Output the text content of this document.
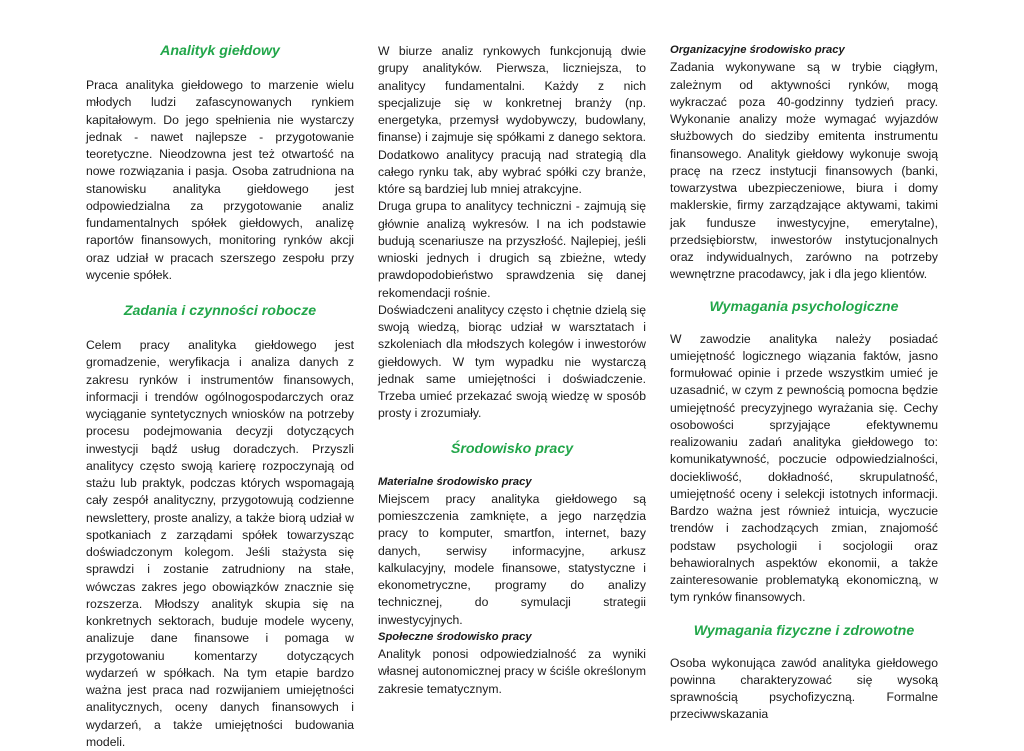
Analityk giełdowy

Praca analityka giełdowego to marzenie wielu młodych ludzi zafascynowanych rynkiem kapitałowym. Do jego spełnienia nie wystarczy jednak - nawet najlepsze - przygotowanie teoretyczne. Nieodzowna jest też otwartość na nowe rozwiązania i pasja. Osoba zatrudniona na stanowisku analityka giełdowego jest odpowiedzialna za przygotowanie analiz fundamentalnych spółek giełdowych, analizę raportów finansowych, monitoring rynków akcji oraz udział w pracach szerszego zespołu przy wycenie spółek.

Zadania i czynności robocze

Celem pracy analityka giełdowego jest gromadzenie, weryfikacja i analiza danych z zakresu rynków i instrumentów finansowych, informacji i trendów ogólnogospodarczych oraz wyciąganie syntetycznych wniosków na potrzeby procesu podejmowania decyzji dotyczących inwestycji bądź usług doradczych. Przyszli analitycy często swoją karierę rozpoczynają od stażu lub praktyk, podczas których wspomagają cały zespół analityczny, przygotowują codzienne newslettery, proste analizy, a także biorą udział w spotkaniach z zarządami spółek towarzysząc doświadczonym kolegom. Jeśli stażysta się sprawdzi i zostanie zatrudniony na stałe, wówczas zakres jego obowiązków znacznie się rozszerza. Młodszy analityk skupia się na konkretnych sektorach, buduje modele wyceny, analizuje dane finansowe i pomaga w przygotowaniu komentarzy dotyczących wydarzeń w spółkach. Na tym etapie bardzo ważna jest praca nad rozwijaniem umiejętności analitycznych, oceny danych finansowych i wydarzeń, a także umiejętności budowania modeli.

W biurze analiz rynkowych funkcjonują dwie grupy analityków. Pierwsza, liczniejsza, to analitycy fundamentalni. Każdy z nich specjalizuje się w konkretnej branży (np. energetyka, przemysł wydobywczy, budowlany, finanse) i zajmuje się spółkami z danego sektora. Dodatkowo analitycy pracują nad strategią dla całego rynku tak, aby wybrać spółki czy branże, które są bardziej lub mniej atrakcyjne.

Druga grupa to analitycy techniczni - zajmują się głównie analizą wykresów. I na ich podstawie budują scenariusze na przyszłość. Najlepiej, jeśli wnioski jednych i drugich są zbieżne, wtedy prawdopodobieństwo sprawdzenia się danej rekomendacji rośnie.

Doświadczeni analitycy często i chętnie dzielą się swoją wiedzą, biorąc udział w warsztatach i szkoleniach dla młodszych kolegów i inwestorów giełdowych. W tym wypadku nie wystarczą jednak same umiejętności i doświadczenie. Trzeba umieć przekazać swoją wiedzę w sposób prosty i zrozumiały.

Środowisko pracy
Materialne środowisko pracy

Miejscem pracy analityka giełdowego są pomieszczenia zamknięte, a jego narzędzia pracy to komputer, smartfon, internet, bazy danych, serwisy informacyjne, arkusz kalkulacyjny, modele finansowe, statystyczne i ekonometryczne, programy do analizy technicznej, do symulacji strategii inwestycyjnych.

Społeczne środowisko pracy

Analityk ponosi odpowiedzialność za wyniki własnej autonomicznej pracy w ściśle określonym zakresie tematycznym.

Organizacyjne środowisko pracy

Zadania wykonywane są w trybie ciągłym, zależnym od aktywności rynków, mogą wykraczać poza 40-godzinny tydzień pracy. Wykonanie analizy może wymagać wyjazdów służbowych do siedziby emitenta instrumentu finansowego. Analityk giełdowy wykonuje swoją pracę na rzecz instytucji finansowych (banki, towarzystwa ubezpieczeniowe, biura i domy maklerskie, firmy zarządzające aktywami, takimi jak fundusze inwestycyjne, emerytalne), przedsiębiorstw, inwestorów instytucjonalnych oraz indywidualnych, zarówno na potrzeby wewnętrzne pracodawcy, jak i dla jego klientów.

Wymagania psychologiczne

W zawodzie analityka należy posiadać umiejętność logicznego wiązania faktów, jasno formułować opinie i przede wszystkim umieć je uzasadnić, w czym z pewnością pomocna będzie umiejętność precyzyjnego wyrażania się. Cechy osobowości sprzyjające efektywnemu realizowaniu zadań analityka giełdowego to: komunikatywność, poczucie odpowiedzialności, dociekliwość, dokładność, skrupulatność, umiejętność oceny i selekcji istotnych informacji. Bardzo ważna jest również intuicja, wyczucie trendów i zachodzących zmian, znajomość podstaw psychologii i socjologii oraz behawioralnych aspektów ekonomii, a także zainteresowanie problematyką ekonomiczną, w tym rynków finansowych.

Wymagania fizyczne i zdrowotne

Osoba wykonująca zawód analityka giełdowego powinna charakteryzować się wysoką sprawnością psychofizyczną. Formalne przeciwwskazania
